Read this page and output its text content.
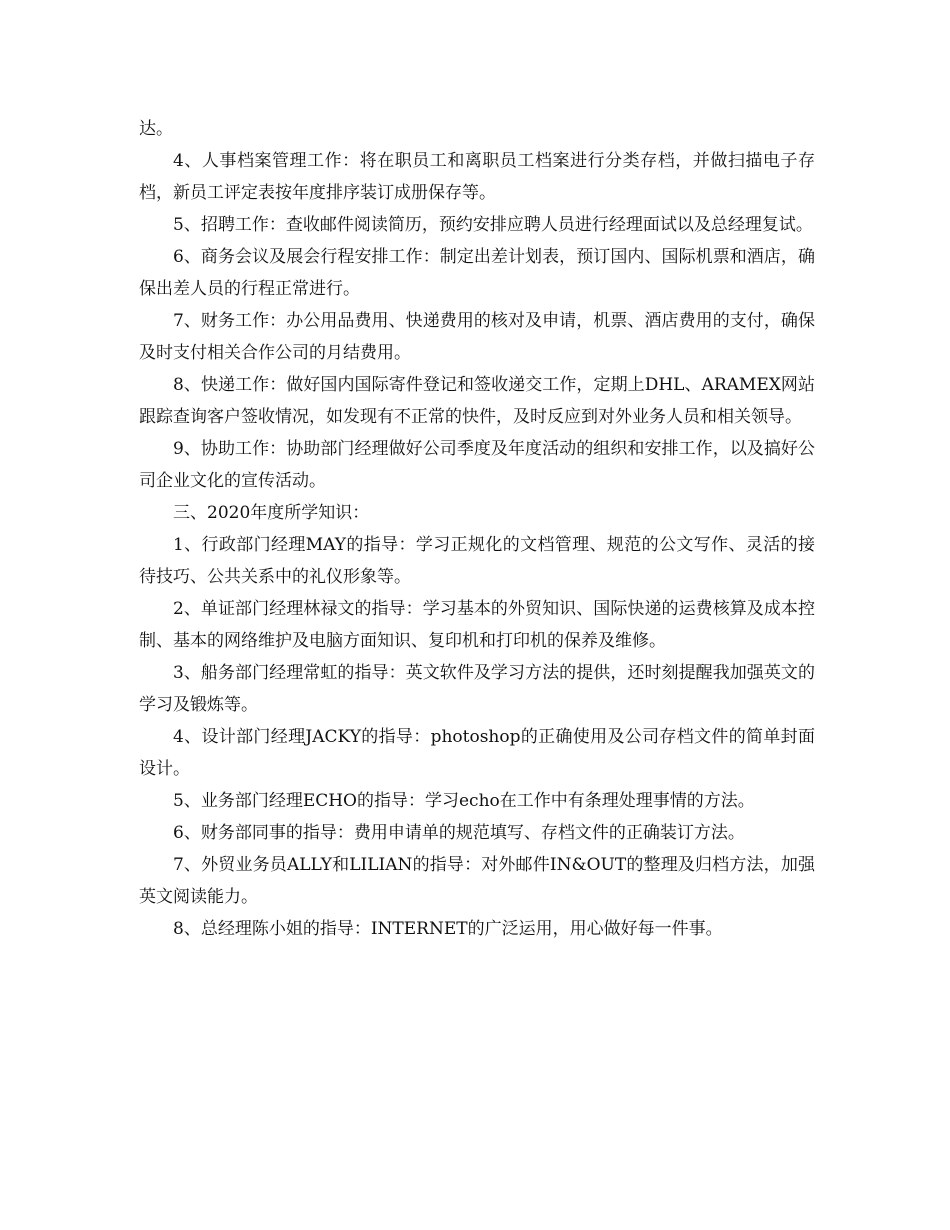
达。

4、人事档案管理工作：将在职员工和离职员工档案进行分类存档，并做扫描电子存档，新员工评定表按年度排序装订成册保存等。

5、招聘工作：查收邮件阅读简历，预约安排应聘人员进行经理面试以及总经理复试。

6、商务会议及展会行程安排工作：制定出差计划表，预订国内、国际机票和酒店，确保出差人员的行程正常进行。

7、财务工作：办公用品费用、快递费用的核对及申请，机票、酒店费用的支付，确保及时支付相关合作公司的月结费用。

8、快递工作：做好国内国际寄件登记和签收递交工作，定期上DHL、ARAMEX网站跟踪查询客户签收情况，如发现有不正常的快件，及时反应到对外业务人员和相关领导。

9、协助工作：协助部门经理做好公司季度及年度活动的组织和安排工作，以及搞好公司企业文化的宣传活动。

三、2020年度所学知识：

1、行政部门经理MAY的指导：学习正规化的文档管理、规范的公文写作、灵活的接待技巧、公共关系中的礼仪形象等。

2、单证部门经理林禄文的指导：学习基本的外贸知识、国际快递的运费核算及成本控制、基本的网络维护及电脑方面知识、复印机和打印机的保养及维修。

3、船务部门经理常虹的指导：英文软件及学习方法的提供，还时刻提醒我加强英文的学习及锻炼等。

4、设计部门经理JACKY的指导：photoshop的正确使用及公司存档文件的简单封面设计。

5、业务部门经理ECHO的指导：学习echo在工作中有条理处理事情的方法。

6、财务部同事的指导：费用申请单的规范填写、存档文件的正确装订方法。

7、外贸业务员ALLY和LILIAN的指导：对外邮件IN&OUT的整理及归档方法，加强英文阅读能力。

8、总经理陈小姐的指导：INTERNET的广泛运用，用心做好每一件事。
